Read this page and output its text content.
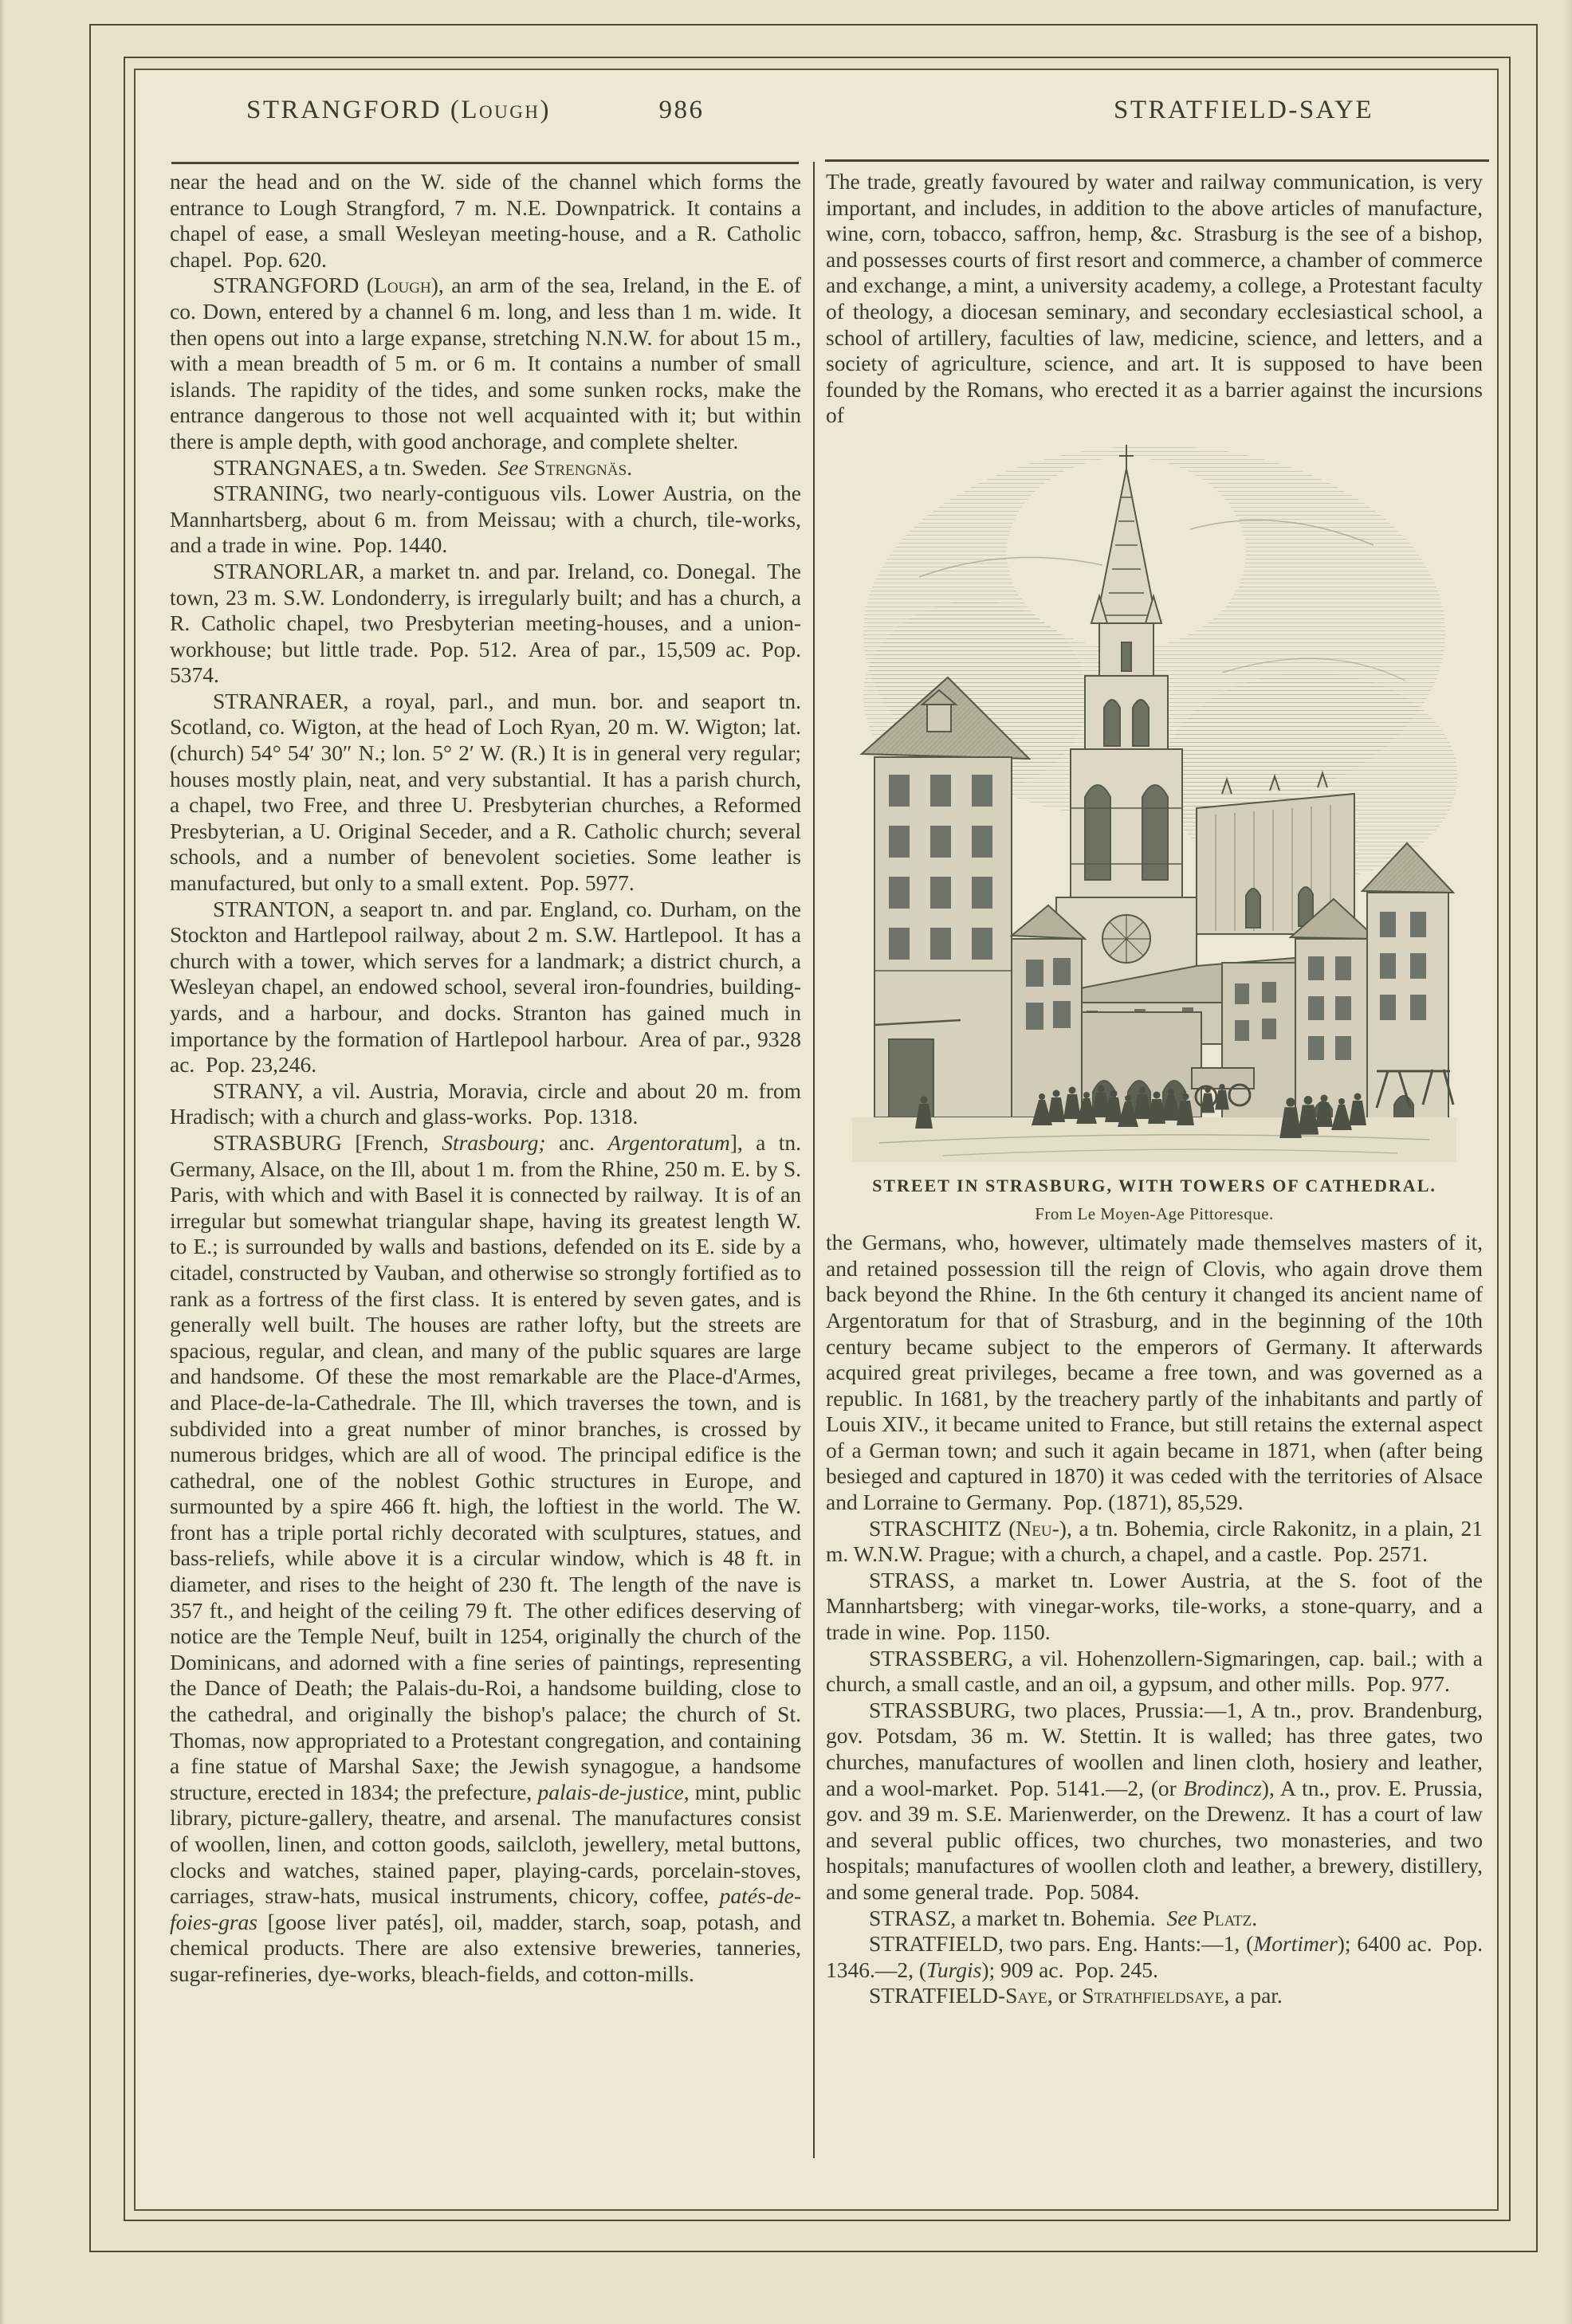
STRANGFORD (Lough)	986	STRATFIELD-SAYE

near the head and on the W. side of the channel which forms the entrance to Lough Strangford, 7 m. N.E. Downpatrick. It contains a chapel of ease, a small Wesleyan meeting-house, and a R. Catholic chapel. Pop. 620.

STRANGFORD (Lough), an arm of the sea, Ireland, in the E. of co. Down, entered by a channel 6 m. long, and less than 1 m. wide. It then opens out into a large expanse, stretching N.N.W. for about 15 m., with a mean breadth of 5 m. or 6 m. It contains a number of small islands. The rapidity of the tides, and some sunken rocks, make the entrance dangerous to those not well acquainted with it; but within there is ample depth, with good anchorage, and complete shelter.

STRANGNAES, a tn. Sweden. See Strengnäs.

STRANING, two nearly-contiguous vils. Lower Austria, on the Mannhartsberg, about 6 m. from Meissau; with a church, tile-works, and a trade in wine. Pop. 1440.

STRANORLAR, a market tn. and par. Ireland, co. Donegal. The town, 23 m. S.W. Londonderry, is irregularly built; and has a church, a R. Catholic chapel, two Presbyterian meeting-houses, and a union-workhouse; but little trade. Pop. 512. Area of par., 15,509 ac. Pop. 5374.

STRANRAER, a royal, parl., and mun. bor. and seaport tn. Scotland, co. Wigton, at the head of Loch Ryan, 20 m. W. Wigton; lat. (church) 54° 54′ 30″ N.; lon. 5° 2′ W. (R.) It is in general very regular; houses mostly plain, neat, and very substantial. It has a parish church, a chapel, two Free, and three U. Presbyterian churches, a Reformed Presbyterian, a U. Original Seceder, and a R. Catholic church; several schools, and a number of benevolent societies. Some leather is manufactured, but only to a small extent. Pop. 5977.

STRANTON, a seaport tn. and par. England, co. Durham, on the Stockton and Hartlepool railway, about 2 m. S.W. Hartlepool. It has a church with a tower, which serves for a landmark; a district church, a Wesleyan chapel, an endowed school, several iron-foundries, building-yards, and a harbour, and docks. Stranton has gained much in importance by the formation of Hartlepool harbour. Area of par., 9328 ac. Pop. 23,246.

STRANY, a vil. Austria, Moravia, circle and about 20 m. from Hradisch; with a church and glass-works. Pop. 1318.

STRASBURG [French, Strasbourg; anc. Argentoratum], a tn. Germany, Alsace, on the Ill, about 1 m. from the Rhine, 250 m. E. by S. Paris, with which and with Basel it is connected by railway. It is of an irregular but somewhat triangular shape, having its greatest length W. to E.; is surrounded by walls and bastions, defended on its E. side by a citadel, constructed by Vauban, and otherwise so strongly fortified as to rank as a fortress of the first class. It is entered by seven gates, and is generally well built. The houses are rather lofty, but the streets are spacious, regular, and clean, and many of the public squares are large and handsome. Of these the most remarkable are the Place-d'Armes, and Place-de-la-Cathedrale. The Ill, which traverses the town, and is subdivided into a great number of minor branches, is crossed by numerous bridges, which are all of wood. The principal edifice is the cathedral, one of the noblest Gothic structures in Europe, and surmounted by a spire 466 ft. high, the loftiest in the world. The W. front has a triple portal richly decorated with sculptures, statues, and bass-reliefs, while above it is a circular window, which is 48 ft. in diameter, and rises to the height of 230 ft. The length of the nave is 357 ft., and height of the ceiling 79 ft. The other edifices deserving of notice are the Temple Neuf, built in 1254, originally the church of the Dominicans, and adorned with a fine series of paintings, representing the Dance of Death; the Palais-du-Roi, a handsome building, close to the cathedral, and originally the bishop's palace; the church of St. Thomas, now appropriated to a Protestant congregation, and containing a fine statue of Marshal Saxe; the Jewish synagogue, a handsome structure, erected in 1834; the prefecture, palais-de-justice, mint, public library, picture-gallery, theatre, and arsenal. The manufactures consist of woollen, linen, and cotton goods, sailcloth, jewellery, metal buttons, clocks and watches, stained paper, playing-cards, porcelain-stoves, carriages, straw-hats, musical instruments, chicory, coffee, patés-de-foies-gras [goose liver patés], oil, madder, starch, soap, potash, and chemical products. There are also extensive breweries, tanneries, sugar-refineries, dye-works, bleach-fields, and cotton-mills.

The trade, greatly favoured by water and railway communication, is very important, and includes, in addition to the above articles of manufacture, wine, corn, tobacco, saffron, hemp, &c. Strasburg is the see of a bishop, and possesses courts of first resort and commerce, a chamber of commerce and exchange, a mint, a university academy, a college, a Protestant faculty of theology, a diocesan seminary, and secondary ecclesiastical school, a school of artillery, faculties of law, medicine, science, and letters, and a society of agriculture, science, and art. It is supposed to have been founded by the Romans, who erected it as a barrier against the incursions of

STREET IN STRASBURG, WITH TOWERS OF CATHEDRAL.
From Le Moyen-Age Pittoresque.

the Germans, who, however, ultimately made themselves masters of it, and retained possession till the reign of Clovis, who again drove them back beyond the Rhine. In the 6th century it changed its ancient name of Argentoratum for that of Strasburg, and in the beginning of the 10th century became subject to the emperors of Germany. It afterwards acquired great privileges, became a free town, and was governed as a republic. In 1681, by the treachery partly of the inhabitants and partly of Louis XIV., it became united to France, but still retains the external aspect of a German town; and such it again became in 1871, when (after being besieged and captured in 1870) it was ceded with the territories of Alsace and Lorraine to Germany. Pop. (1871), 85,529.

STRASCHITZ (Neu-), a tn. Bohemia, circle Rakonitz, in a plain, 21 m. W.N.W. Prague; with a church, a chapel, and a castle. Pop. 2571.

STRASS, a market tn. Lower Austria, at the S. foot of the Mannhartsberg; with vinegar-works, tile-works, a stone-quarry, and a trade in wine. Pop. 1150.

STRASSBERG, a vil. Hohenzollern-Sigmaringen, cap. bail.; with a church, a small castle, and an oil, a gypsum, and other mills. Pop. 977.

STRASSBURG, two places, Prussia:—1, A tn., prov. Brandenburg, gov. Potsdam, 36 m. W. Stettin. It is walled; has three gates, two churches, manufactures of woollen and linen cloth, hosiery and leather, and a wool-market. Pop. 5141.—2, (or Brodincz), A tn., prov. E. Prussia, gov. and 39 m. S.E. Marienwerder, on the Drewenz. It has a court of law and several public offices, two churches, two monasteries, and two hospitals; manufactures of woollen cloth and leather, a brewery, distillery, and some general trade. Pop. 5084.

STRASZ, a market tn. Bohemia. See Platz.

STRATFIELD, two pars. Eng. Hants:—1, (Mortimer); 6400 ac. Pop. 1346.—2, (Turgis); 909 ac. Pop. 245.

STRATFIELD-Saye, or Strathfieldsaye, a par.
